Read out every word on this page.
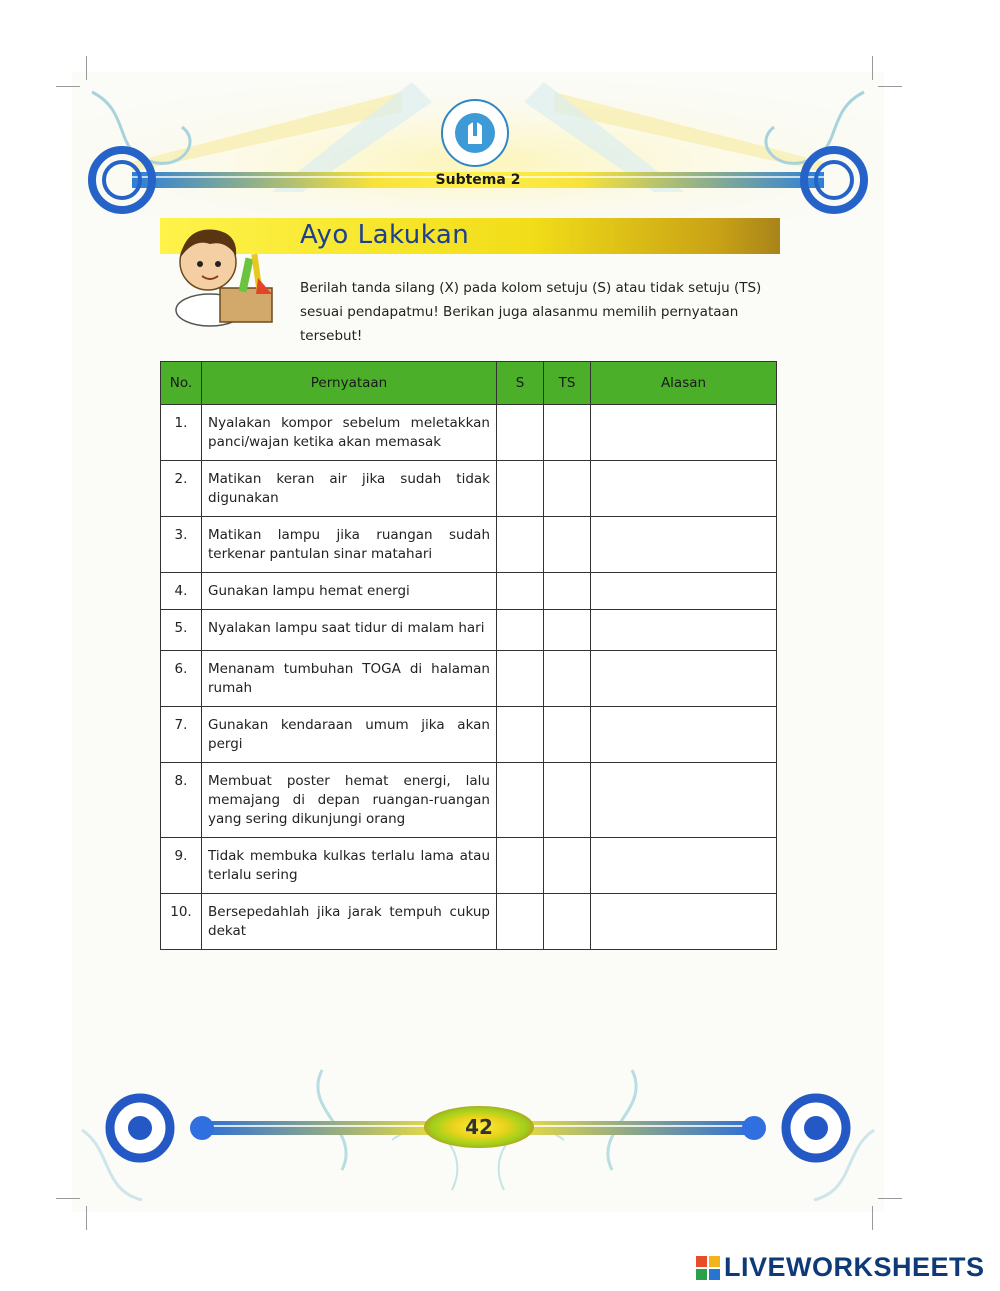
Subtema 2
Ayo Lakukan
Berilah tanda silang (X) pada kolom setuju (S) atau tidak setuju (TS) sesuai pendapatmu! Berikan juga alasanmu memilih pernyataan tersebut!
No.	Pernyataan	S	TS	Alasan
1.	Nyalakan kompor sebelum meletakkan panci/wajan ketika akan memasak			
2.	Matikan keran air jika sudah tidak digunakan			
3.	Matikan lampu jika ruangan sudah terkenar pantulan sinar matahari			
4.	Gunakan lampu hemat energi			
5.	Nyalakan lampu saat tidur di malam hari			
6.	Menanam tumbuhan TOGA di halaman rumah			
7.	Gunakan kendaraan umum jika akan pergi			
8.	Membuat poster hemat energi, lalu memajang di depan ruangan-ruangan yang sering dikunjungi orang			
9.	Tidak membuka kulkas terlalu lama atau terlalu sering			
10.	Bersepedahlah jika jarak tempuh cukup dekat			
42
LIVEWORKSHEETS
